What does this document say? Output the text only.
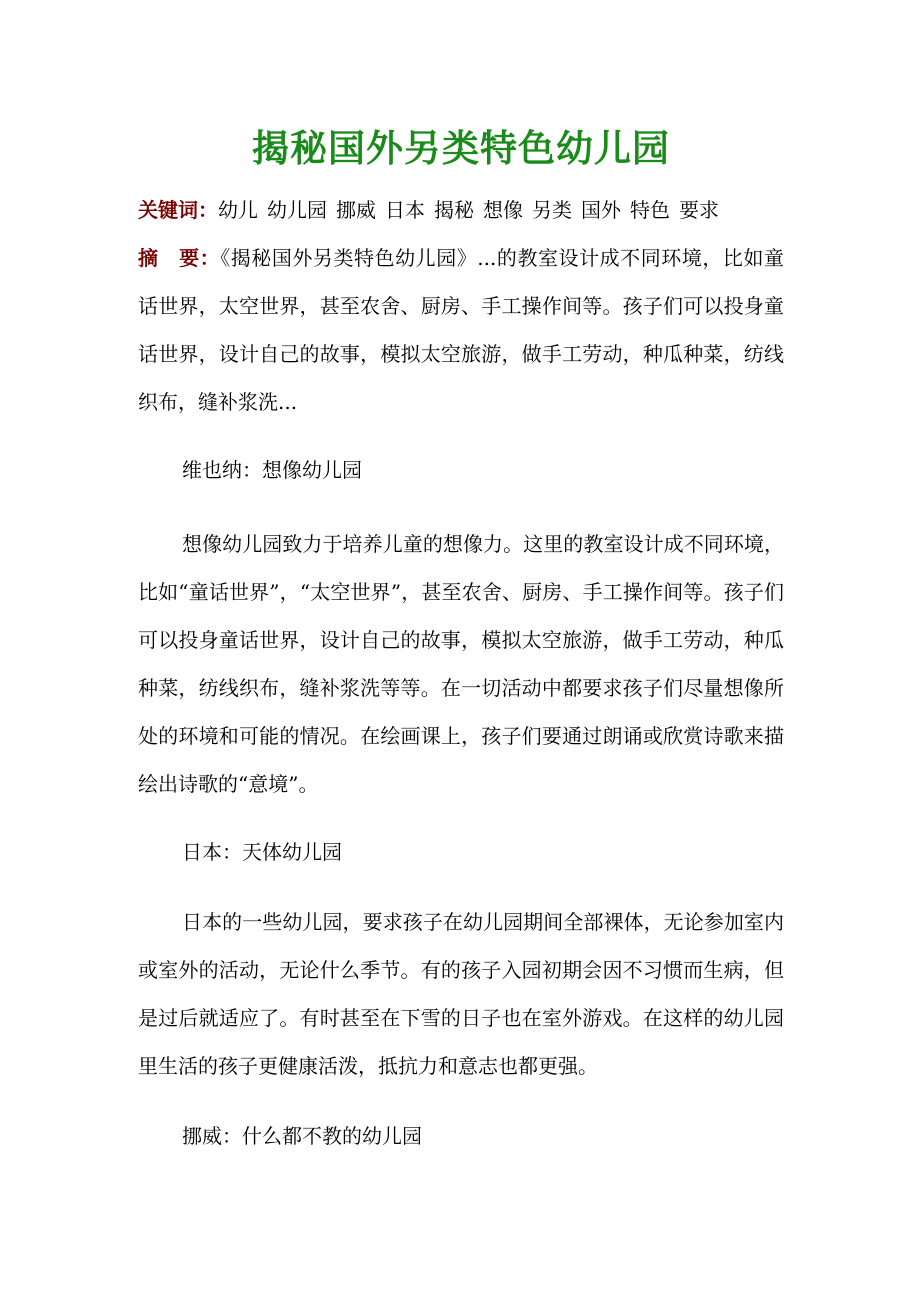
揭秘国外另类特色幼儿园
关键词：幼儿 幼儿园 挪威 日本 揭秘 想像 另类 国外 特色 要求
摘　要：《揭秘国外另类特色幼儿园》...的教室设计成不同环境，比如童话世界，太空世界，甚至农舍、厨房、手工操作间等。孩子们可以投身童话世界，设计自己的故事，模拟太空旅游，做手工劳动，种瓜种菜，纺线织布，缝补浆洗...
维也纳：想像幼儿园
想像幼儿园致力于培养儿童的想像力。这里的教室设计成不同环境，比如“童话世界”，“太空世界”，甚至农舍、厨房、手工操作间等。孩子们可以投身童话世界，设计自己的故事，模拟太空旅游，做手工劳动，种瓜种菜，纺线织布，缝补浆洗等等。在一切活动中都要求孩子们尽量想像所处的环境和可能的情况。在绘画课上，孩子们要通过朗诵或欣赏诗歌来描绘出诗歌的“意境”。
日本：天体幼儿园
日本的一些幼儿园，要求孩子在幼儿园期间全部裸体，无论参加室内或室外的活动，无论什么季节。有的孩子入园初期会因不习惯而生病，但是过后就适应了。有时甚至在下雪的日子也在室外游戏。在这样的幼儿园里生活的孩子更健康活泼，抵抗力和意志也都更强。
挪威：什么都不教的幼儿园
